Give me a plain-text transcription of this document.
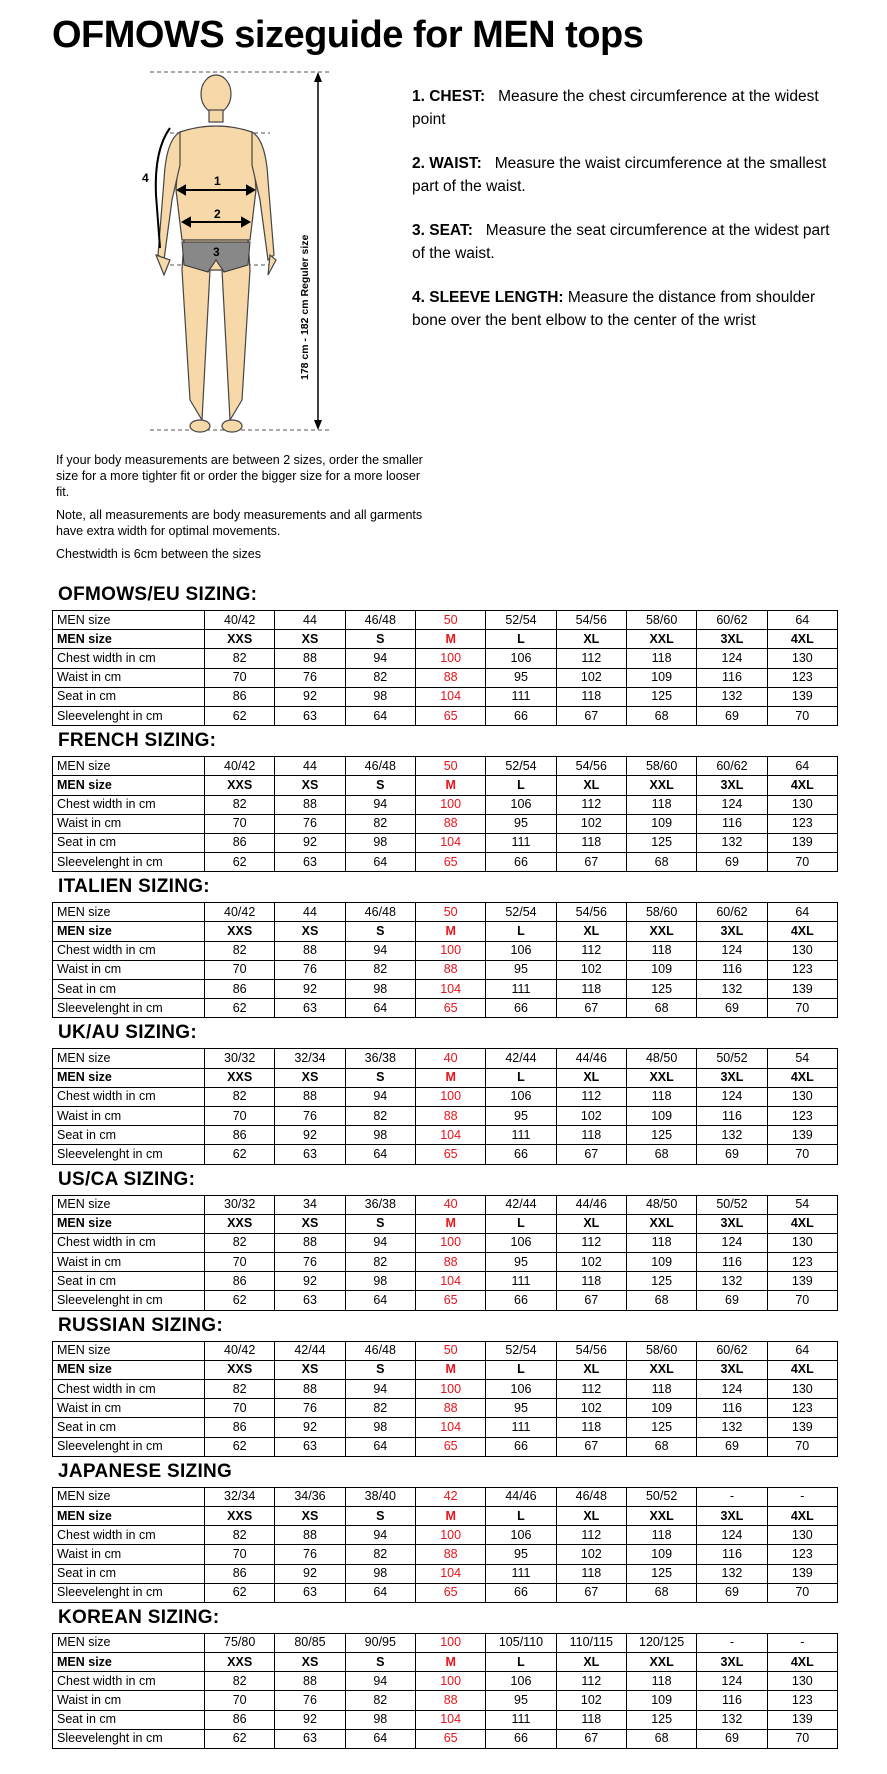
OFMOWS sizeguide for MEN tops
1
2
3
4
178 cm - 182 cm Reguler size
1. CHEST: Measure the chest circumference at the widest point
2. WAIST: Measure the waist circumference at the smallest part of the waist.
3. SEAT: Measure the seat circumference at the widest part of the waist.
4. SLEEVE LENGTH: Measure the distance from shoulder bone over the bent elbow to the center of the wrist

If your body measurements are between 2 sizes, order the smaller size for a more tighter fit or order the bigger size for a more looser fit.

Note, all measurements are body measurements and all garments have extra width for optimal movements.

Chestwidth is 6cm between the sizes

OFMOWS/EU SIZING:
MEN size	40/42	44	46/48	50	52/54	54/56	58/60	60/62	64
MEN size	XXS	XS	S	M	L	XL	XXL	3XL	4XL
Chest width in cm	82	88	94	100	106	112	118	124	130
Waist in cm	70	76	82	88	95	102	109	116	123
Seat in cm	86	92	98	104	111	118	125	132	139
Sleevelenght in cm	62	63	64	65	66	67	68	69	70
FRENCH SIZING:
MEN size	40/42	44	46/48	50	52/54	54/56	58/60	60/62	64
MEN size	XXS	XS	S	M	L	XL	XXL	3XL	4XL
Chest width in cm	82	88	94	100	106	112	118	124	130
Waist in cm	70	76	82	88	95	102	109	116	123
Seat in cm	86	92	98	104	111	118	125	132	139
Sleevelenght in cm	62	63	64	65	66	67	68	69	70
ITALIEN SIZING:
MEN size	40/42	44	46/48	50	52/54	54/56	58/60	60/62	64
MEN size	XXS	XS	S	M	L	XL	XXL	3XL	4XL
Chest width in cm	82	88	94	100	106	112	118	124	130
Waist in cm	70	76	82	88	95	102	109	116	123
Seat in cm	86	92	98	104	111	118	125	132	139
Sleevelenght in cm	62	63	64	65	66	67	68	69	70
UK/AU SIZING:
MEN size	30/32	32/34	36/38	40	42/44	44/46	48/50	50/52	54
MEN size	XXS	XS	S	M	L	XL	XXL	3XL	4XL
Chest width in cm	82	88	94	100	106	112	118	124	130
Waist in cm	70	76	82	88	95	102	109	116	123
Seat in cm	86	92	98	104	111	118	125	132	139
Sleevelenght in cm	62	63	64	65	66	67	68	69	70
US/CA SIZING:
MEN size	30/32	34	36/38	40	42/44	44/46	48/50	50/52	54
MEN size	XXS	XS	S	M	L	XL	XXL	3XL	4XL
Chest width in cm	82	88	94	100	106	112	118	124	130
Waist in cm	70	76	82	88	95	102	109	116	123
Seat in cm	86	92	98	104	111	118	125	132	139
Sleevelenght in cm	62	63	64	65	66	67	68	69	70
RUSSIAN SIZING:
MEN size	40/42	42/44	46/48	50	52/54	54/56	58/60	60/62	64
MEN size	XXS	XS	S	M	L	XL	XXL	3XL	4XL
Chest width in cm	82	88	94	100	106	112	118	124	130
Waist in cm	70	76	82	88	95	102	109	116	123
Seat in cm	86	92	98	104	111	118	125	132	139
Sleevelenght in cm	62	63	64	65	66	67	68	69	70
JAPANESE SIZING
MEN size	32/34	34/36	38/40	42	44/46	46/48	50/52	-	-
MEN size	XXS	XS	S	M	L	XL	XXL	3XL	4XL
Chest width in cm	82	88	94	100	106	112	118	124	130
Waist in cm	70	76	82	88	95	102	109	116	123
Seat in cm	86	92	98	104	111	118	125	132	139
Sleevelenght in cm	62	63	64	65	66	67	68	69	70
KOREAN SIZING:
MEN size	75/80	80/85	90/95	100	105/110	110/115	120/125	-	-
MEN size	XXS	XS	S	M	L	XL	XXL	3XL	4XL
Chest width in cm	82	88	94	100	106	112	118	124	130
Waist in cm	70	76	82	88	95	102	109	116	123
Seat in cm	86	92	98	104	111	118	125	132	139
Sleevelenght in cm	62	63	64	65	66	67	68	69	70
